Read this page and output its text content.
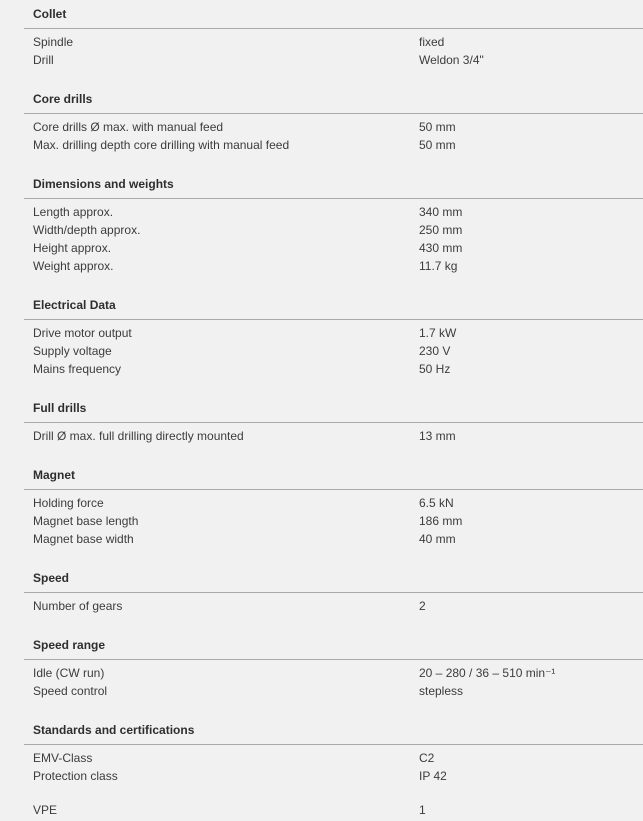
Collet
Spindle	fixed
Drill	Weldon 3/4"
Core drills
Core drills Ø max. with manual feed	50 mm
Max. drilling depth core drilling with manual feed	50 mm
Dimensions and weights
Length approx.	340 mm
Width/depth approx.	250 mm
Height approx.	430 mm
Weight approx.	11.7 kg
Electrical Data
Drive motor output	1.7 kW
Supply voltage	230 V
Mains frequency	50 Hz
Full drills
Drill Ø max. full drilling directly mounted	13 mm
Magnet
Holding force	6.5 kN
Magnet base length	186 mm
Magnet base width	40 mm
Speed
Number of gears	2
Speed range
Idle (CW run)	20 – 280 / 36 – 510 min⁻¹
Speed control	stepless
Standards and certifications
EMV-Class	C2
Protection class	IP 42
VPE	1
